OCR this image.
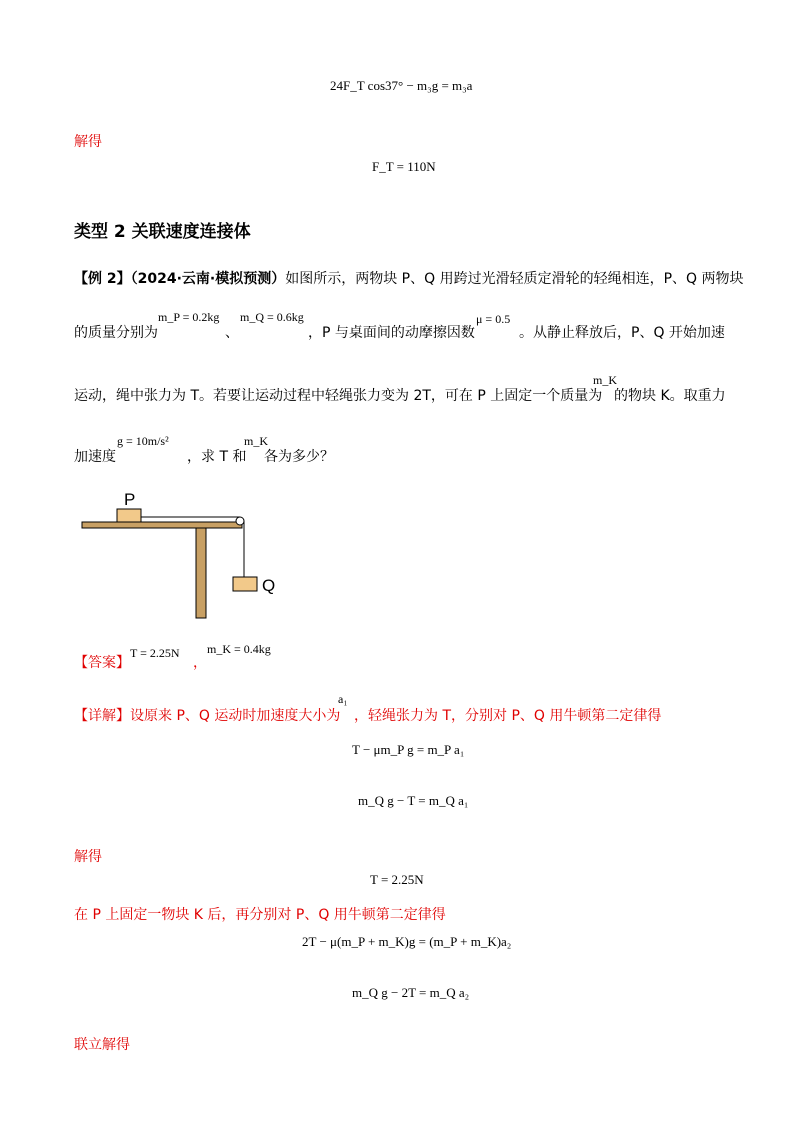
24F_T cos37° − m₃g = m₃a
解得
F_T = 110N
类型 2 关联速度连接体
【例 2】（2024·云南·模拟预测）如图所示，两物块 P、Q 用跨过光滑轻质定滑轮的轻绳相连，P、Q 两物块
的质量分别为
m_P = 0.2kg
、
m_Q = 0.6kg
，P 与桌面间的动摩擦因数
μ = 0.5
。从静止释放后，P、Q 开始加速
运动，绳中张力为 T。若要让运动过程中轻绳张力变为 2T，可在 P 上固定一个质量为
m_K
的物块 K。取重力
加速度
g = 10m/s²
，求 T 和
m_K
各为多少？
P
Q
【答案】
T = 2.25N
，
m_K = 0.4kg
【详解】设原来 P、Q 运动时加速度大小为
a₁
，轻绳张力为 T，分别对 P、Q 用牛顿第二定律得
T − μm_P g = m_P a₁
m_Q g − T = m_Q a₁
解得
T = 2.25N
在 P 上固定一物块 K 后，再分别对 P、Q 用牛顿第二定律得
2T − μ(m_P + m_K)g = (m_P + m_K)a₂
m_Q g − 2T = m_Q a₂
联立解得
